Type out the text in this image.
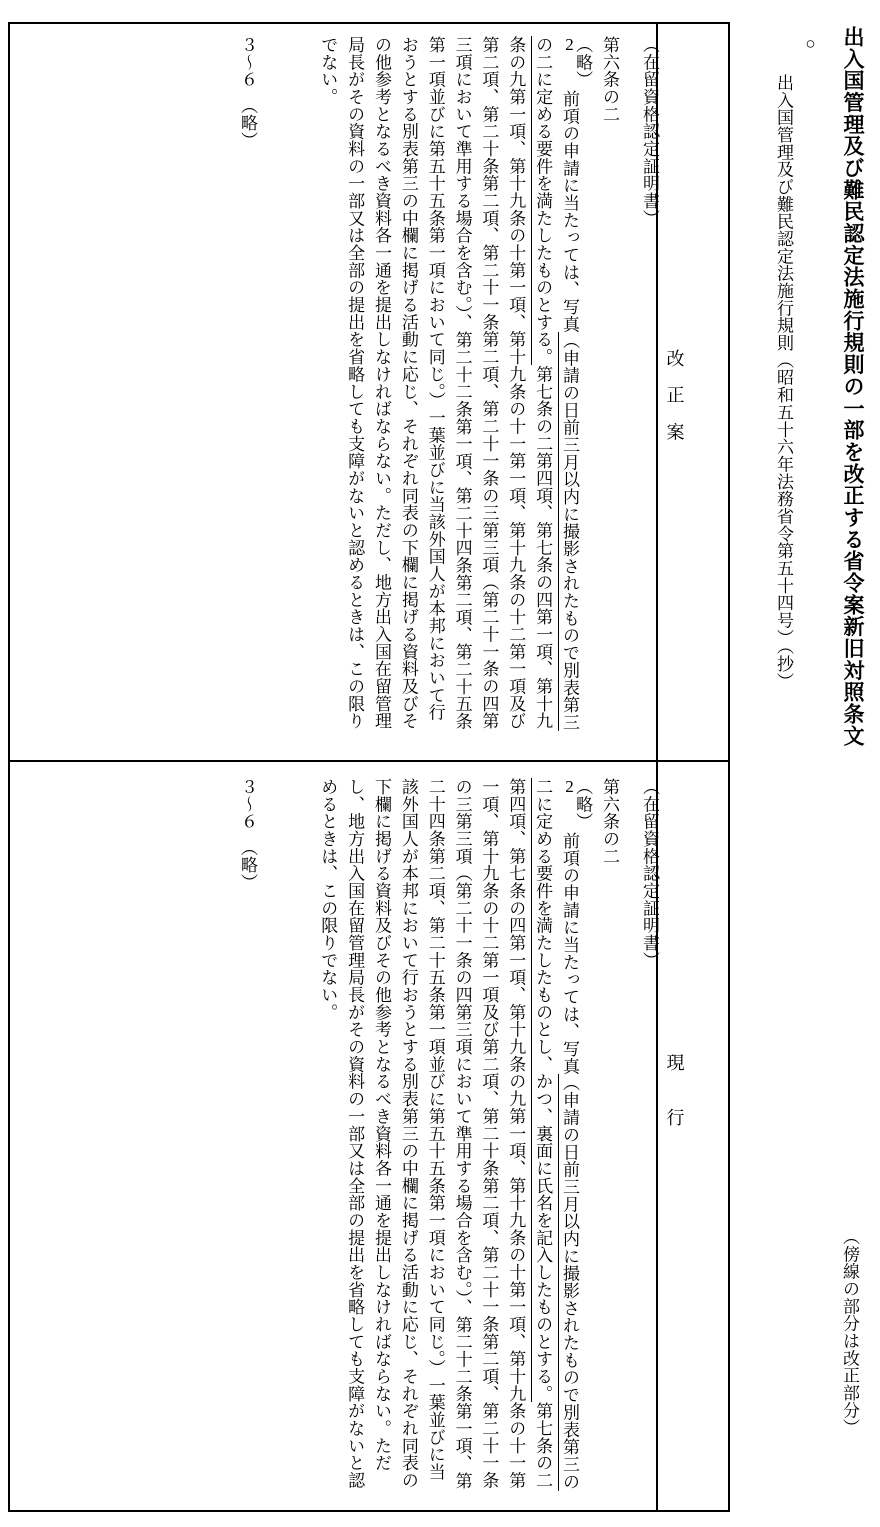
出入国管理及び難民認定法施行規則の一部を改正する省令案新旧対照条文
○
出入国管理及び難民認定法施行規則（昭和五十六年法務省令第五十四号）（抄）
（傍線の部分は改正部分）
改　正　案
現　　行
（在留資格認定証明書）
第六条の二　（略）
2 　前項の申請に当たっては、写真（申請の日前三月以内に撮影されたもので別表第三の二に定める要件を満たしたものとする。第七条の二第四項、第七条の四第一項、第十九条の九第一項、第十九条の十第一項、第十九条の十一第一項、第十九条の十二第一項及び第二項、第二十条第二項、第二十一条第二項、第二十一条の三第三項（第二十一条の四第三項において準用する場合を含む。）、第二十二条第一項、第二十四条第二項、第二十五条第一項並びに第五十五条第一項において同じ。）一葉並びに当該外国人が本邦において行おうとする別表第三の中欄に掲げる活動に応じ、それぞれ同表の下欄に掲げる資料及びその他参考となるべき資料各一通を提出しなければならない。ただし、地方出入国在留管理局長がその資料の一部又は全部の提出を省略しても支障がないと認めるときは、この限りでない。
３〜６　（略）
（在留資格認定証明書）
第六条の二　（略）
2 　前項の申請に当たっては、写真（申請の日前三月以内に撮影されたもので別表第三の二に定める要件を満たしたものとし、かつ、裏面に氏名を記入したものとする。第七条の二第四項、第七条の四第一項、第十九条の九第一項、第十九条の十第一項、第十九条の十一第一項、第十九条の十二第一項及び第二項、第二十条第二項、第二十一条第二項、第二十一条の三第三項（第二十一条の四第三項において準用する場合を含む。）、第二十二条第一項、第二十四条第二項、第二十五条第一項並びに第五十五条第一項において同じ。）一葉並びに当該外国人が本邦において行おうとする別表第三の中欄に掲げる活動に応じ、それぞれ同表の下欄に掲げる資料及びその他参考となるべき資料各一通を提出しなければならない。ただし、地方出入国在留管理局長がその資料の一部又は全部の提出を省略しても支障がないと認めるときは、この限りでない。
３〜６　（略）
